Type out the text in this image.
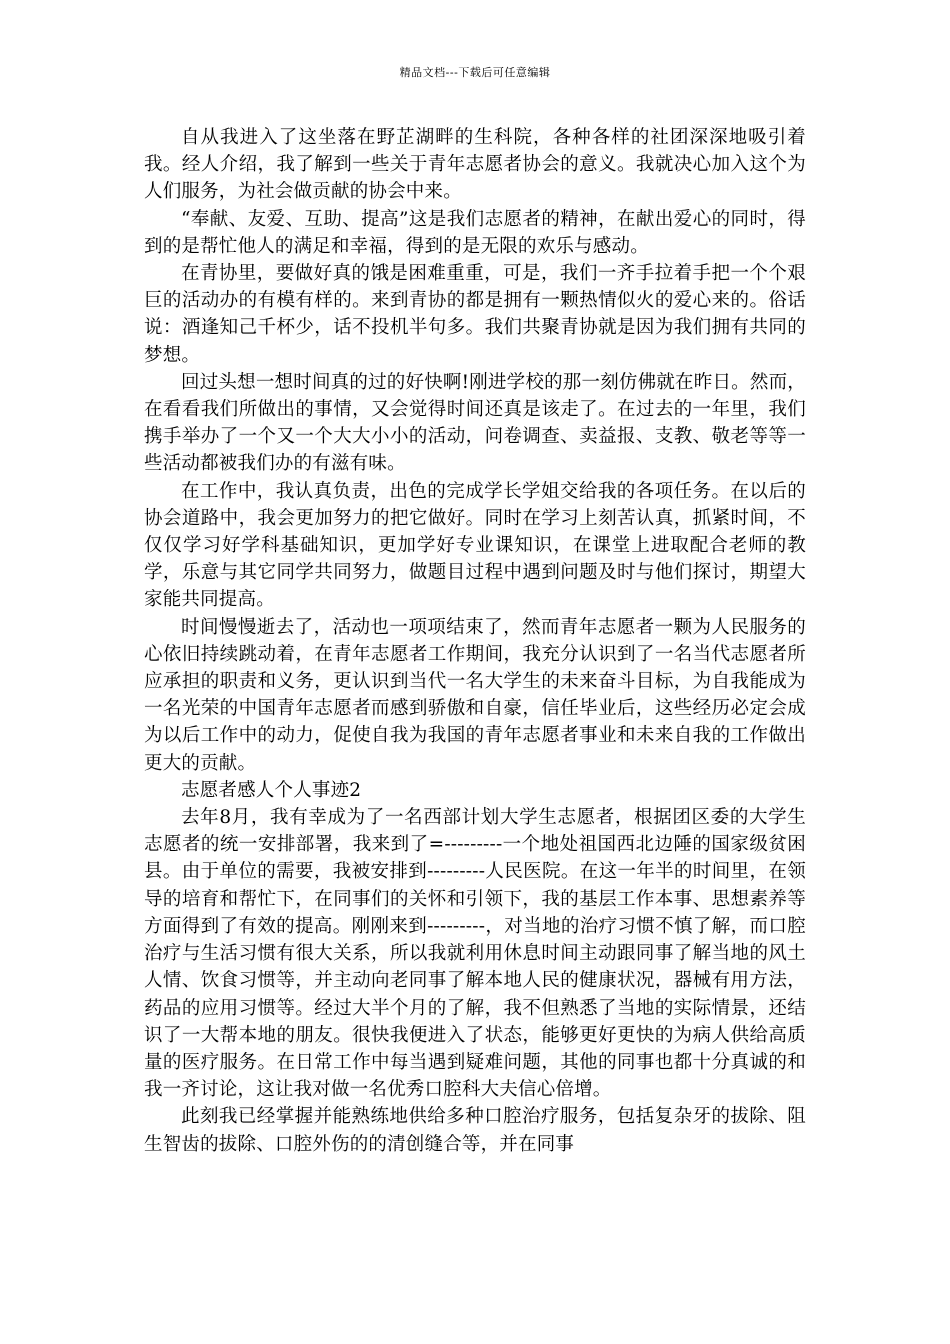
精品文档---下载后可任意编辑

自从我进入了这坐落在野芷湖畔的生科院，各种各样的社团深深地吸引着我。经人介绍，我了解到一些关于青年志愿者协会的意义。我就决心加入这个为人们服务，为社会做贡献的协会中来。

“奉献、友爱、互助、提高”这是我们志愿者的精神，在献出爱心的同时，得到的是帮忙他人的满足和幸福，得到的是无限的欢乐与感动。

在青协里，要做好真的饿是困难重重，可是，我们一齐手拉着手把一个个艰巨的活动办的有模有样的。来到青协的都是拥有一颗热情似火的爱心来的。俗话说：酒逢知己千杯少，话不投机半句多。我们共聚青协就是因为我们拥有共同的梦想。

回过头想一想时间真的过的好快啊!刚进学校的那一刻仿佛就在昨日。然而，在看看我们所做出的事情，又会觉得时间还真是该走了。在过去的一年里，我们携手举办了一个又一个大大小小的活动，问卷调查、卖益报、支教、敬老等等一些活动都被我们办的有滋有味。

在工作中，我认真负责，出色的完成学长学姐交给我的各项任务。在以后的协会道路中，我会更加努力的把它做好。同时在学习上刻苦认真，抓紧时间，不仅仅学习好学科基础知识，更加学好专业课知识，在课堂上进取配合老师的教学，乐意与其它同学共同努力，做题目过程中遇到问题及时与他们探讨，期望大家能共同提高。

时间慢慢逝去了，活动也一项项结束了，然而青年志愿者一颗为人民服务的心依旧持续跳动着，在青年志愿者工作期间，我充分认识到了一名当代志愿者所应承担的职责和义务，更认识到当代一名大学生的未来奋斗目标，为自我能成为一名光荣的中国青年志愿者而感到骄傲和自豪，信任毕业后，这些经历必定会成为以后工作中的动力，促使自我为我国的青年志愿者事业和未来自我的工作做出更大的贡献。

志愿者感人个人事迹2

去年8月，我有幸成为了一名西部计划大学生志愿者，根据团区委的大学生志愿者的统一安排部署，我来到了=---------一个地处祖国西北边陲的国家级贫困县。由于单位的需要，我被安排到---------人民医院。在这一年半的时间里，在领导的培育和帮忙下，在同事们的关怀和引领下，我的基层工作本事、思想素养等方面得到了有效的提高。刚刚来到---------，对当地的治疗习惯不慎了解，而口腔治疗与生活习惯有很大关系，所以我就利用休息时间主动跟同事了解当地的风土人情、饮食习惯等，并主动向老同事了解本地人民的健康状况，器械有用方法，药品的应用习惯等。经过大半个月的了解，我不但熟悉了当地的实际情景，还结识了一大帮本地的朋友。很快我便进入了状态，能够更好更快的为病人供给高质量的医疗服务。在日常工作中每当遇到疑难问题，其他的同事也都十分真诚的和我一齐讨论，这让我对做一名优秀口腔科大夫信心倍增。

此刻我已经掌握并能熟练地供给多种口腔治疗服务，包括复杂牙的拔除、阻生智齿的拔除、口腔外伤的的清创缝合等，并在同事
